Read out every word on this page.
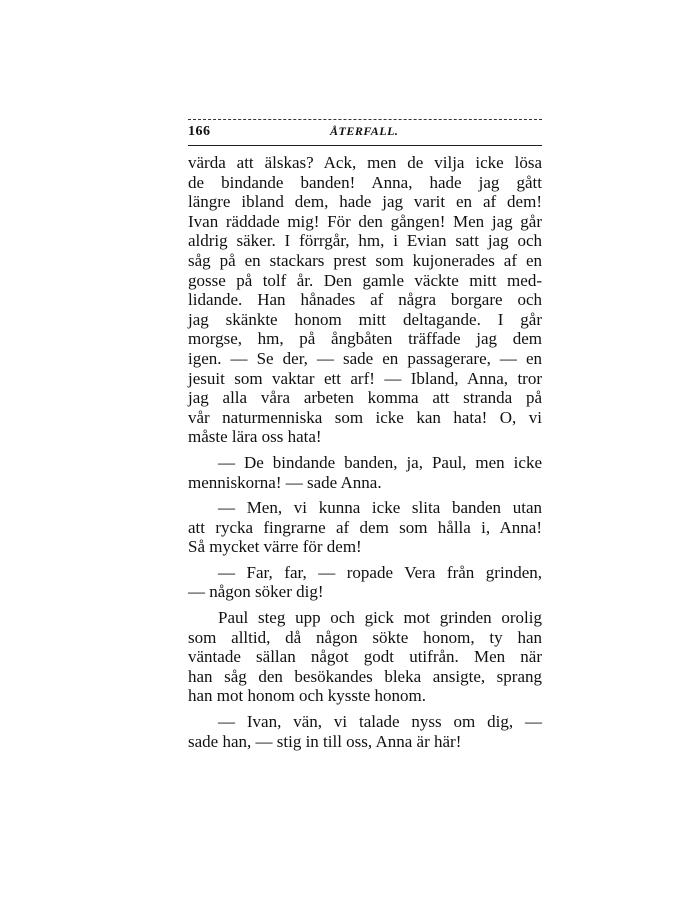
166	ÅTERFALL.
värda att älskas? Ack, men de vilja icke lösa
de bindande banden! Anna, hade jag gått
längre ibland dem, hade jag varit en af dem!
Ivan räddade mig! För den gången! Men jag går
aldrig säker. I förrgår, hm, i Evian satt jag och
såg på en stackars prest som kujonerades af en
gosse på tolf år. Den gamle väckte mitt med-
lidande. Han hånades af några borgare och
jag skänkte honom mitt deltagande. I går
morgse, hm, på ångbåten träffade jag dem
igen. — Se der, — sade en passagerare, — en
jesuit som vaktar ett arf! — Ibland, Anna, tror
jag alla våra arbeten komma att stranda på
vår naturmenniska som icke kan hata! O, vi
måste lära oss hata!
— De bindande banden, ja, Paul, men icke
menniskorna! — sade Anna.
— Men, vi kunna icke slita banden utan
att rycka fingrarne af dem som hålla i, Anna!
Så mycket värre för dem!
— Far, far, — ropade Vera från grinden,
— någon söker dig!
Paul steg upp och gick mot grinden orolig
som alltid, då någon sökte honom, ty han
väntade sällan något godt utifrån. Men när
han såg den besökandes bleka ansigte, sprang
han mot honom och kysste honom.
— Ivan, vän, vi talade nyss om dig, —
sade han, — stig in till oss, Anna är här!
